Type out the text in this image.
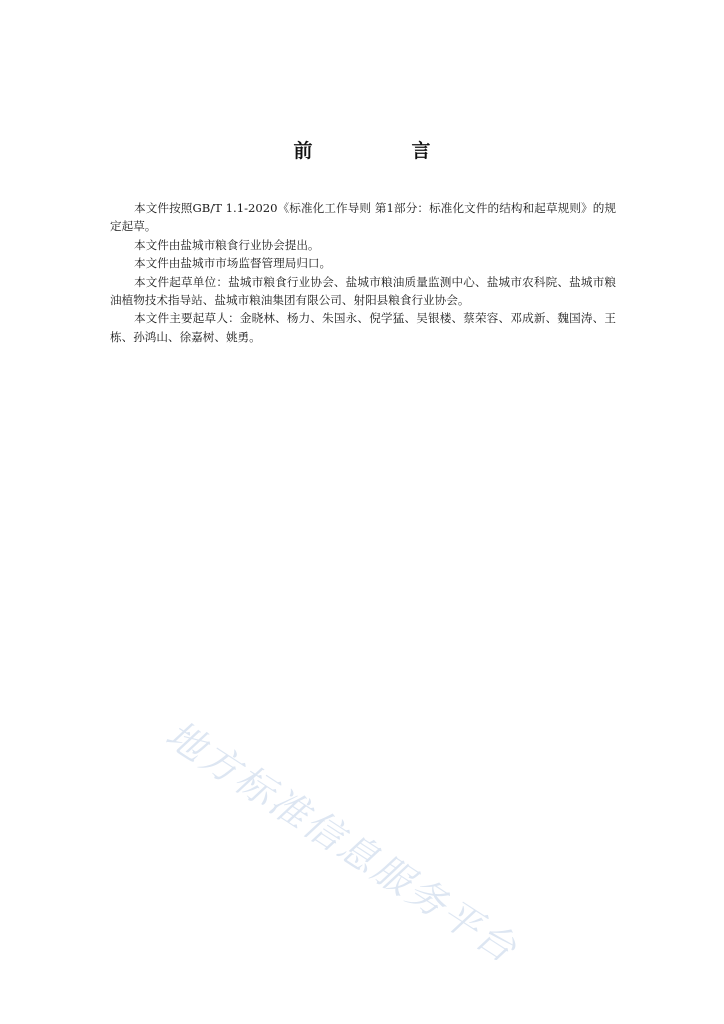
前　言

本文件按照GB/T 1.1-2020《标准化工作导则 第1部分：标准化文件的结构和起草规则》的规定起草。

本文件由盐城市粮食行业协会提出。

本文件由盐城市市场监督管理局归口。

本文件起草单位：盐城市粮食行业协会、盐城市粮油质量监测中心、盐城市农科院、盐城市粮油植物技术指导站、盐城市粮油集团有限公司、射阳县粮食行业协会。

本文件主要起草人：金晓林、杨力、朱国永、倪学猛、吴银楼、蔡荣容、邓成新、魏国涛、王栋、孙鸿山、徐嘉树、姚勇。

地方标准信息服务平台
